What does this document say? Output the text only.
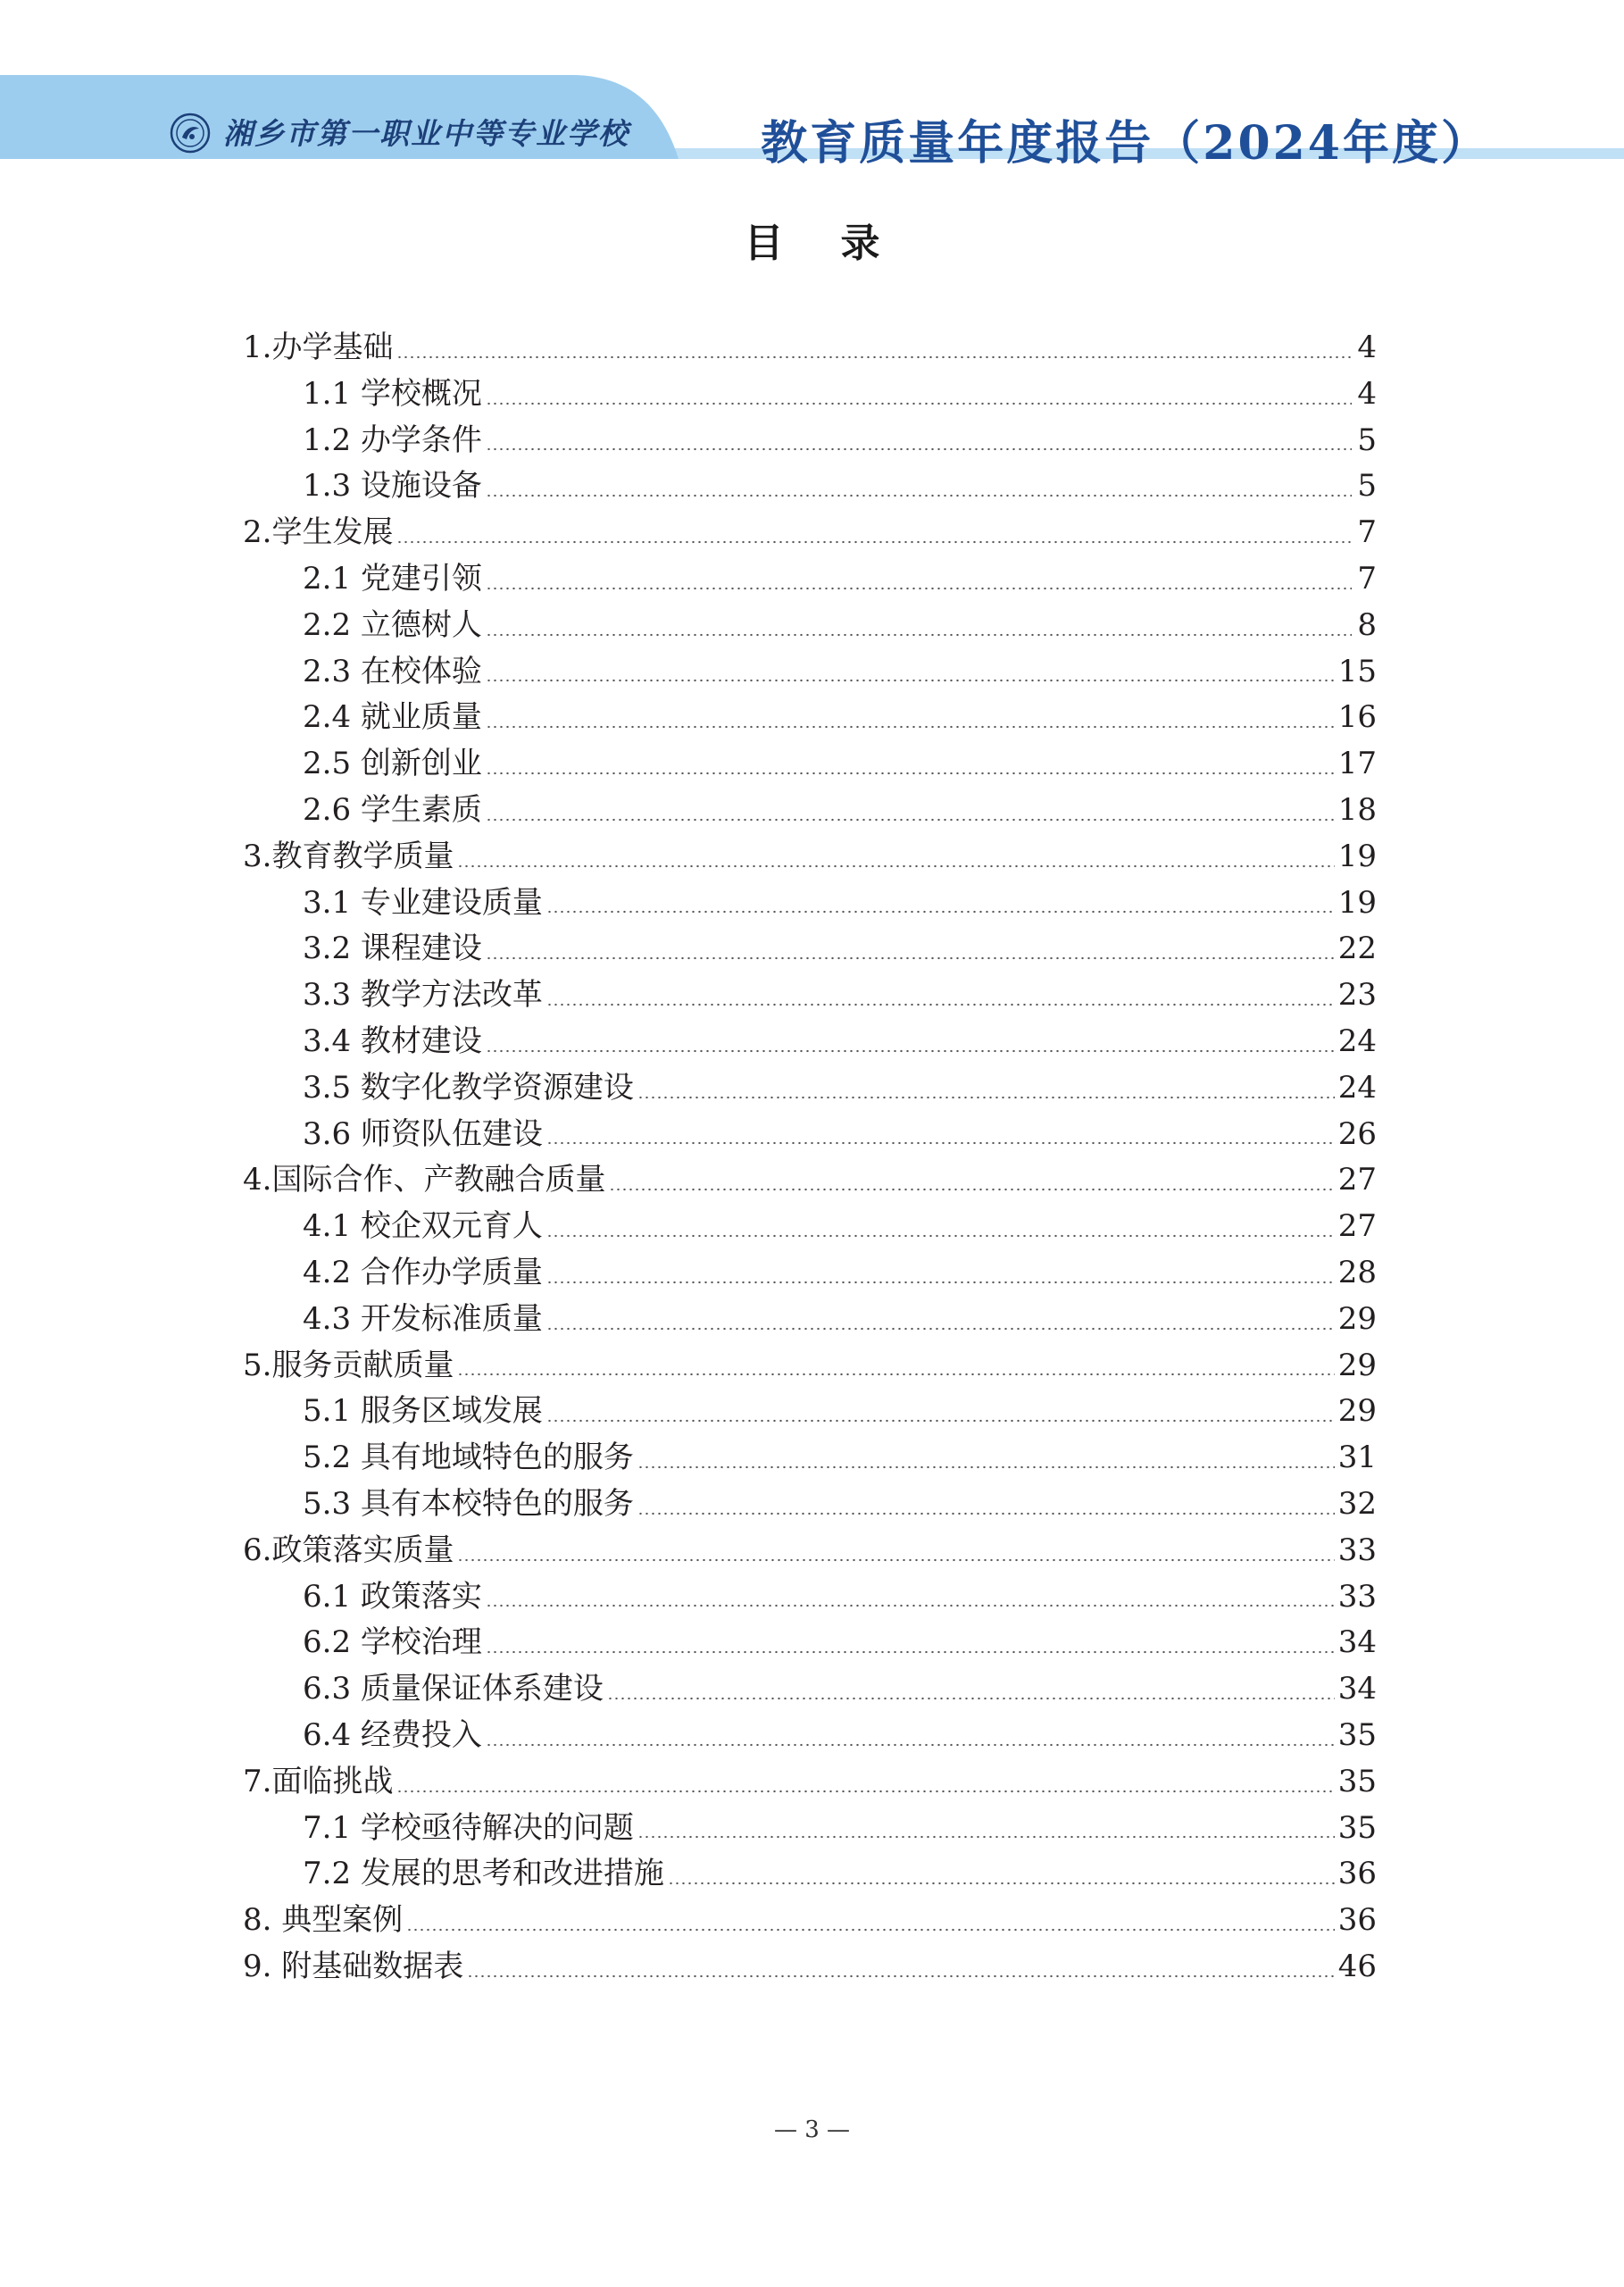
湘乡市第一职业中等专业学校	教育质量年度报告（2024年度）
目录
1.办学基础	4
1.1 学校概况	4
1.2 办学条件	5
1.3 设施设备	5
2.学生发展	7
2.1 党建引领	7
2.2 立德树人	8
2.3 在校体验	15
2.4 就业质量	16
2.5 创新创业	17
2.6 学生素质	18
3.教育教学质量	19
3.1 专业建设质量	19
3.2 课程建设	22
3.3 教学方法改革	23
3.4 教材建设	24
3.5 数字化教学资源建设	24
3.6 师资队伍建设	26
4.国际合作、产教融合质量	27
4.1 校企双元育人	27
4.2 合作办学质量	28
4.3 开发标准质量	29
5.服务贡献质量	29
5.1 服务区域发展	29
5.2 具有地域特色的服务	31
5.3 具有本校特色的服务	32
6.政策落实质量	33
6.1 政策落实	33
6.2 学校治理	34
6.3 质量保证体系建设	34
6.4 经费投入	35
7.面临挑战	35
7.1 学校亟待解决的问题	35
7.2 发展的思考和改进措施	36
8. 典型案例	36
9. 附基础数据表	46
— 3 —
